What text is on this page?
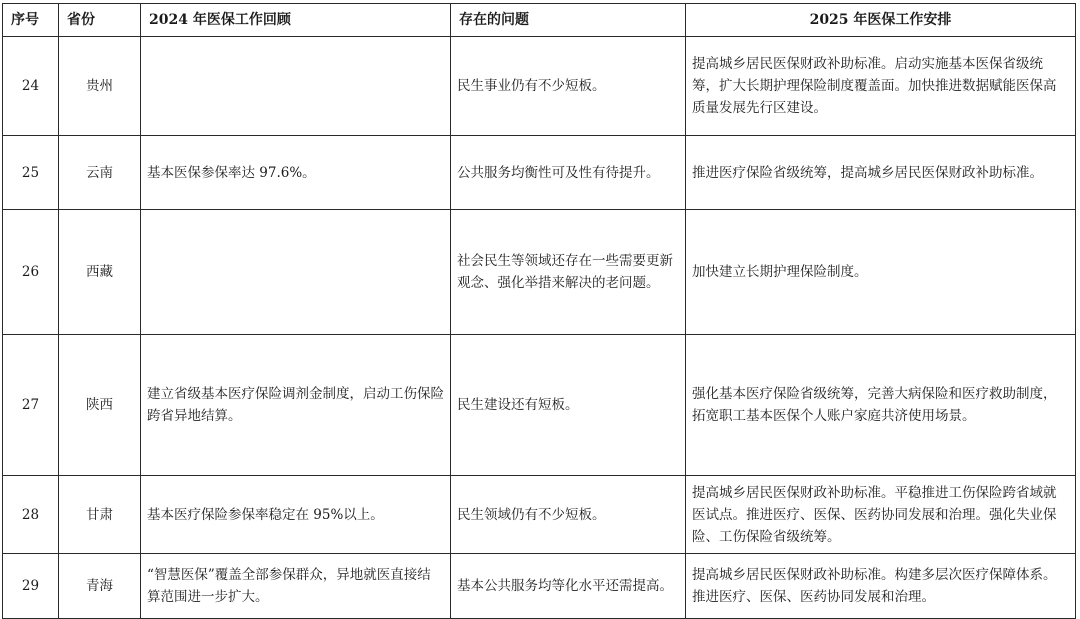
序号	省份	2024 年医保工作回顾	存在的问题	2025 年医保工作安排
24	贵州		民生事业仍有不少短板。	提高城乡居民医保财政补助标准。启动实施基本医保省级统筹，扩大长期护理保险制度覆盖面。加快推进数据赋能医保高质量发展先行区建设。
25	云南	基本医保参保率达 97.6%。	公共服务均衡性可及性有待提升。	推进医疗保险省级统筹，提高城乡居民医保财政补助标准。
26	西藏		社会民生等领域还存在一些需要更新观念、强化举措来解决的老问题。	加快建立长期护理保险制度。
27	陕西	建立省级基本医疗保险调剂金制度，启动工伤保险跨省异地结算。	民生建设还有短板。	强化基本医疗保险省级统筹，完善大病保险和医疗救助制度，拓宽职工基本医保个人账户家庭共济使用场景。
28	甘肃	基本医疗保险参保率稳定在 95%以上。	民生领域仍有不少短板。	提高城乡居民医保财政补助标准。平稳推进工伤保险跨省域就医试点。推进医疗、医保、医药协同发展和治理。强化失业保险、工伤保险省级统筹。
29	青海	“智慧医保”覆盖全部参保群众，异地就医直接结算范围进一步扩大。	基本公共服务均等化水平还需提高。	提高城乡居民医保财政补助标准。构建多层次医疗保障体系。推进医疗、医保、医药协同发展和治理。
